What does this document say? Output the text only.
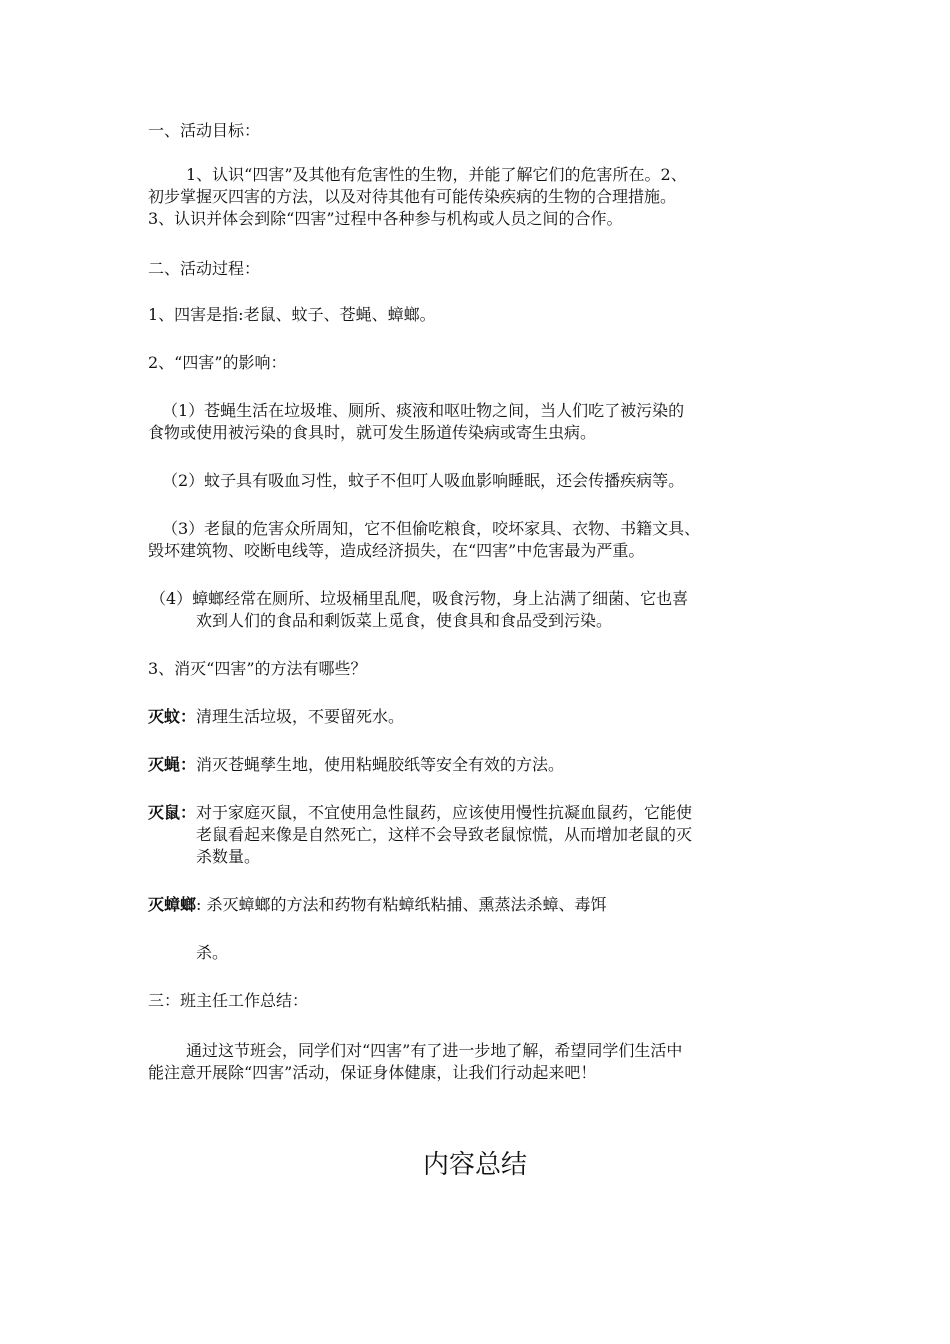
一、活动目标：
1、认识“四害”及其他有危害性的生物，并能了解它们的危害所在。2、
初步掌握灭四害的方法，以及对待其他有可能传染疾病的生物的合理措施。
3、认识并体会到除“四害”过程中各种参与机构或人员之间的合作。
二、活动过程：
1、四害是指:老鼠、蚊子、苍蝇、蟑螂。
2、“四害”的影响：
（1）苍蝇生活在垃圾堆、厕所、痰液和呕吐物之间，当人们吃了被污染的
食物或使用被污染的食具时，就可发生肠道传染病或寄生虫病。
（2）蚊子具有吸血习性，蚊子不但叮人吸血影响睡眠，还会传播疾病等。
（3）老鼠的危害众所周知，它不但偷吃粮食，咬坏家具、衣物、书籍文具、
毁坏建筑物、咬断电线等，造成经济损失，在“四害”中危害最为严重。
（4）蟑螂经常在厕所、垃圾桶里乱爬，吸食污物，身上沾满了细菌、它也喜
欢到人们的食品和剩饭菜上觅食，使食具和食品受到污染。
3、消灭“四害”的方法有哪些？
灭蚊：清理生活垃圾，不要留死水。
灭蝇：消灭苍蝇孳生地，使用粘蝇胶纸等安全有效的方法。
灭鼠：对于家庭灭鼠，不宜使用急性鼠药，应该使用慢性抗凝血鼠药，它能使
老鼠看起来像是自然死亡，这样不会导致老鼠惊慌，从而增加老鼠的灭
杀数量。
灭蟑螂: 杀灭蟑螂的方法和药物有粘蟑纸粘捕、熏蒸法杀蟑、毒饵
杀。
三：班主任工作总结：
通过这节班会，同学们对“四害”有了进一步地了解，希望同学们生活中
能注意开展除“四害”活动，保证身体健康，让我们行动起来吧！
内容总结
